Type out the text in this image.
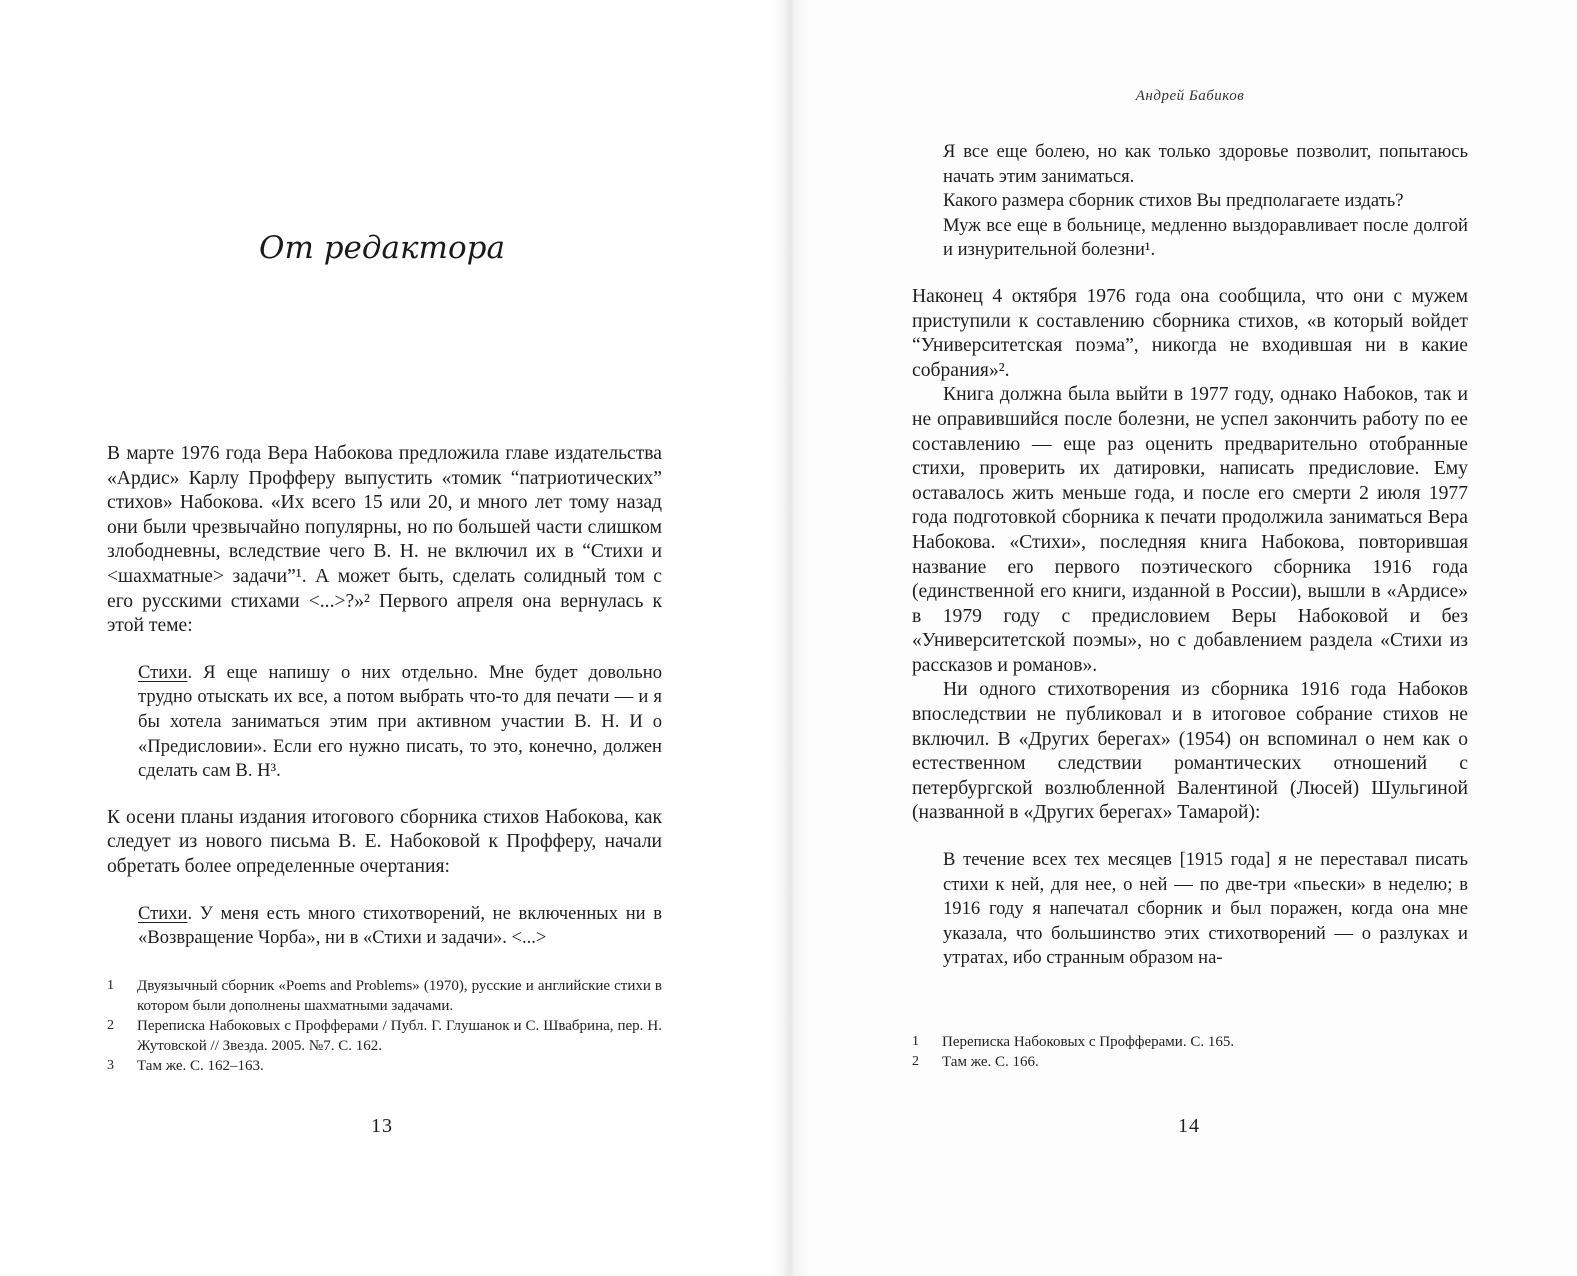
От редактора

В марте 1976 года Вера Набокова предложила главе издательства «Ардис» Карлу Профферу выпустить «томик “патриотических” стихов» Набокова. «Их всего 15 или 20, и много лет тому назад они были чрезвычайно популярны, но по большей части слишком злободневны, вследствие чего В. Н. не включил их в “Стихи и <шахматные> задачи”¹. А может быть, сделать солидный том с его русскими стихами <...>?»² Первого апреля она вернулась к этой теме:

Стихи. Я еще напишу о них отдельно. Мне будет довольно трудно отыскать их все, а потом выбрать что-то для печати — и я бы хотела заниматься этим при активном участии В. Н. И о «Предисловии». Если его нужно писать, то это, конечно, должен сделать сам В. Н³.

К осени планы издания итогового сборника стихов Набокова, как следует из нового письма В. Е. Набоковой к Профферу, начали обретать более определенные очертания:

Стихи. У меня есть много стихотворений, не включенных ни в «Возвращение Чорба», ни в «Стихи и задачи». <...>

1	Двуязычный сборник «Poems and Problems» (1970), русские и английские стихи в котором были дополнены шахматными задачами.
2	Переписка Набоковых с Профферами / Публ. Г. Глушанок и С. Швабрина, пер. Н. Жутовской // Звезда. 2005. №7. С. 162.
3	Там же. С. 162–163.
13
Андрей Бабиков

Я все еще болею, но как только здоровье позволит, попытаюсь начать этим заниматься.

Какого размера сборник стихов Вы предполагаете издать?

Муж все еще в больнице, медленно выздоравливает после долгой и изнурительной болезни¹.

Наконец 4 октября 1976 года она сообщила, что они с мужем приступили к составлению сборника стихов, «в который войдет “Университетская поэма”, никогда не входившая ни в какие собрания»².

Книга должна была выйти в 1977 году, однако Набоков, так и не оправившийся после болезни, не успел закончить работу по ее составлению — еще раз оценить предварительно отобранные стихи, проверить их датировки, написать предисловие. Ему оставалось жить меньше года, и после его смерти 2 июля 1977 года подготовкой сборника к печати продолжила заниматься Вера Набокова. «Стихи», последняя книга Набокова, повторившая название его первого поэтического сборника 1916 года (единственной его книги, изданной в России), вышли в «Ардисе» в 1979 году с предисловием Веры Набоковой и без «Университетской поэмы», но с добавлением раздела «Стихи из рассказов и романов».

Ни одного стихотворения из сборника 1916 года Набоков впоследствии не публиковал и в итоговое собрание стихов не включил. В «Других берегах» (1954) он вспоминал о нем как о естественном следствии романтических отношений с петербургской возлюбленной Валентиной (Люсей) Шульгиной (названной в «Других берегах» Тамарой):

В течение всех тех месяцев [1915 года] я не переставал писать стихи к ней, для нее, о ней — по две-три «пьески» в неделю; в 1916 году я напечатал сборник и был поражен, когда она мне указала, что большинство этих стихотворений — о разлуках и утратах, ибо странным образом на-

1	Переписка Набоковых с Профферами. С. 165.
2	Там же. С. 166.
14
